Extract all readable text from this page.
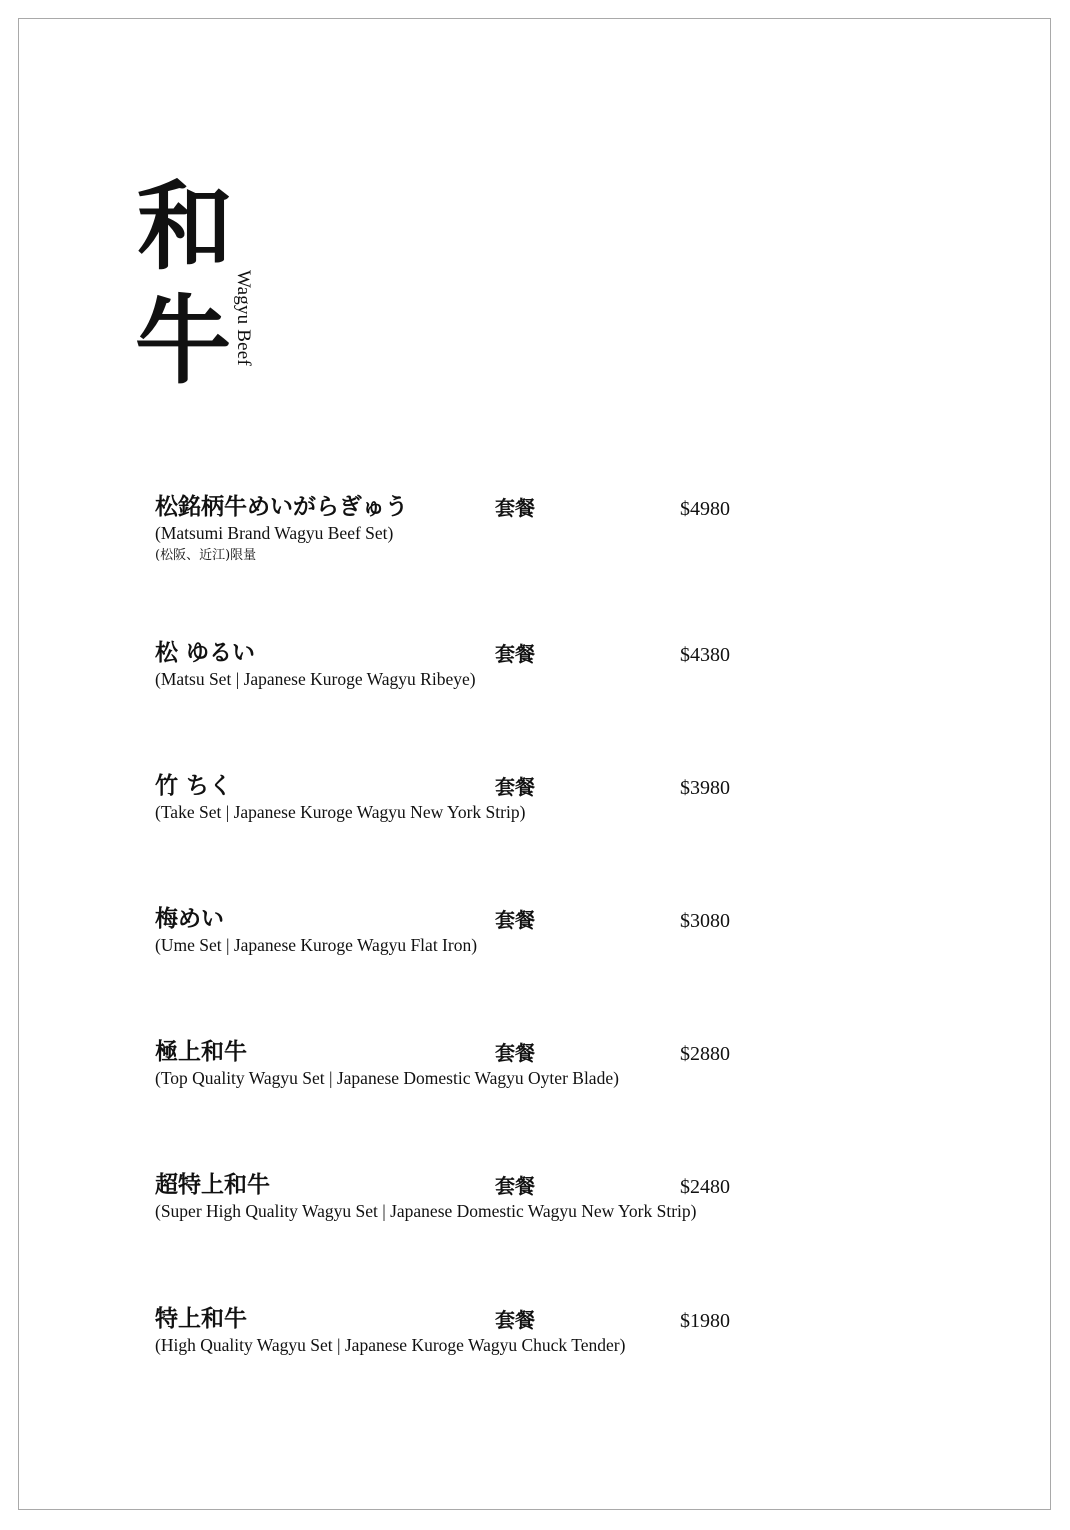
和
牛 Wagyu Beef
松銘柄牛めいがらぎゅう	套餐	$4980
(Matsumi Brand Wagyu Beef Set)
(松阪、近江)限量
松 ゆるい	套餐	$4380
(Matsu Set | Japanese Kuroge Wagyu Ribeye)
竹 ちく	套餐	$3980
(Take Set | Japanese Kuroge Wagyu New York Strip)
梅めい	套餐	$3080
(Ume Set | Japanese Kuroge Wagyu Flat Iron)
極上和牛	套餐	$2880
(Top Quality Wagyu Set | Japanese Domestic Wagyu Oyter Blade)
超特上和牛	套餐	$2480
(Super High Quality Wagyu Set | Japanese Domestic Wagyu New York Strip)
特上和牛	套餐	$1980
(High Quality Wagyu Set | Japanese Kuroge Wagyu Chuck Tender)
